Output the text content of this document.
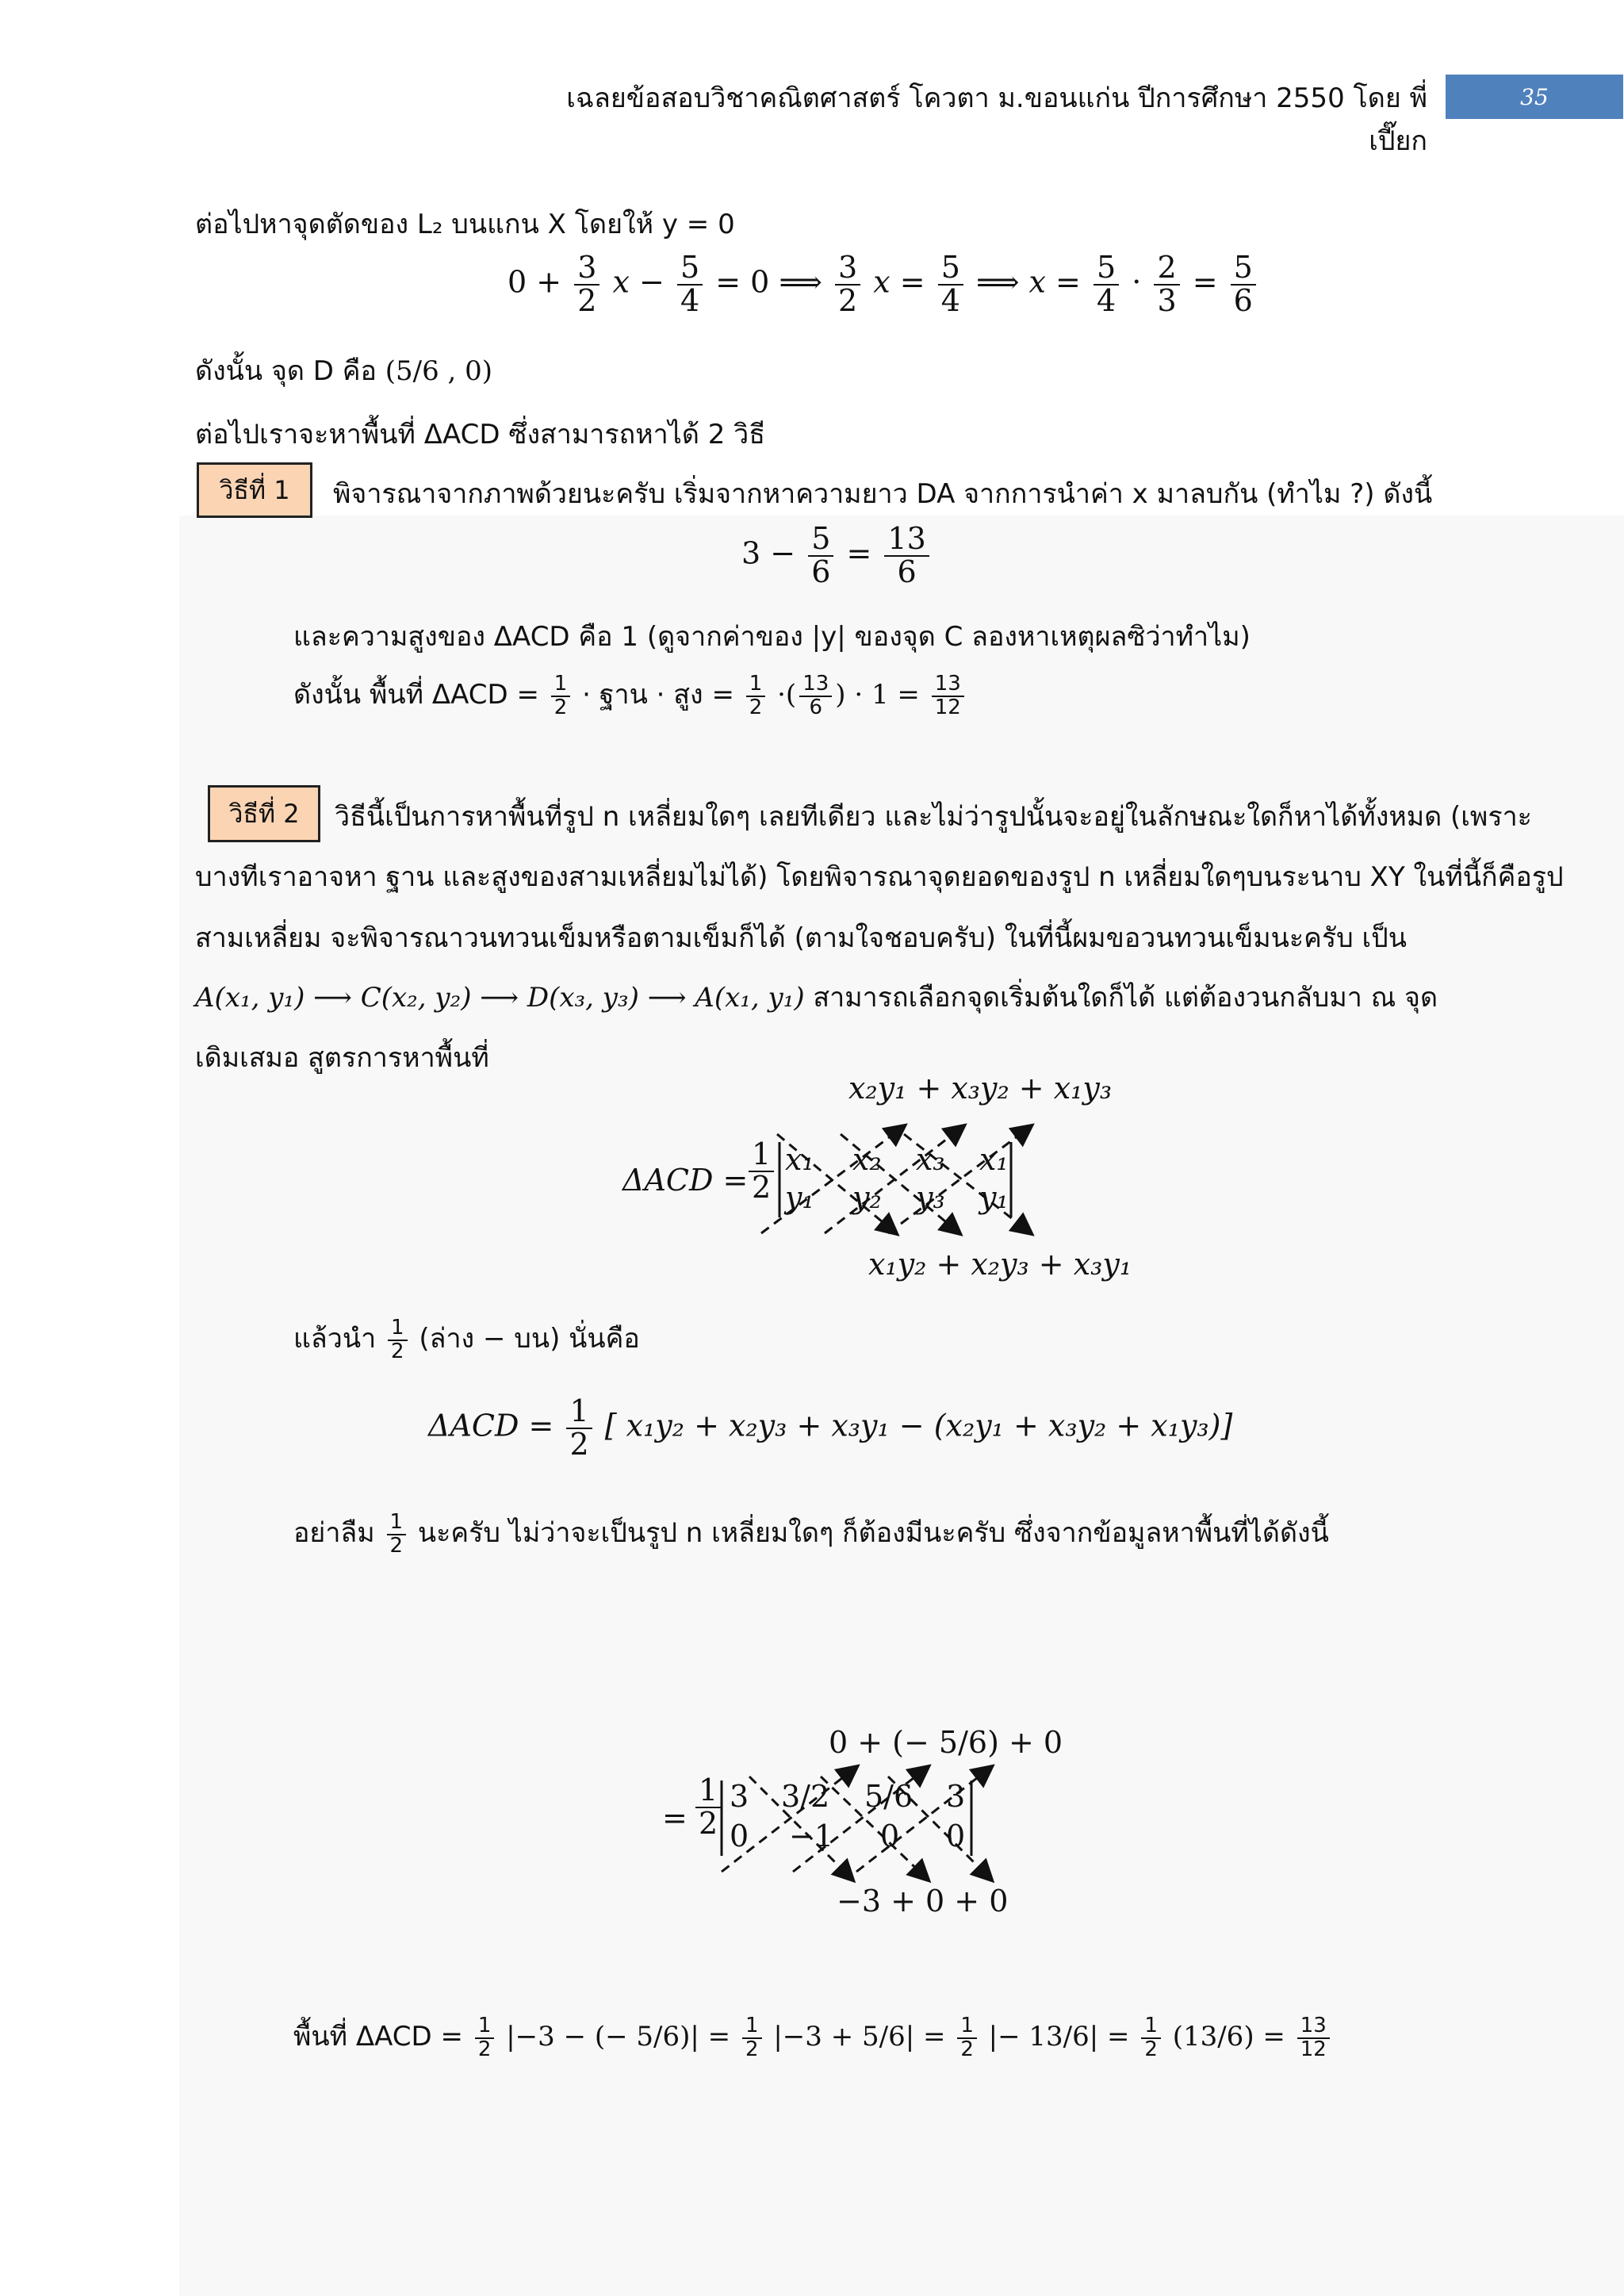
เฉลยข้อสอบวิชาคณิตศาสตร์ โควตา ม.ขอนแก่น ปีการศึกษา 2550 โดย พี่เปี๊ยก
35
ต่อไปหาจุดตัดของ L₂ บนแกน X โดยให้ y = 0
$0 + \frac{3}{2}$ $x - \frac{5}{4} = 0$ ⟹ $\frac{3}{2}$ $x = \frac{5}{4}$ ⟹ $x = \frac{5}{4} \cdot \frac{2}{3} = \frac{5}{6}$
ดังนั้น จุด D คือ (5/6 , 0)
ต่อไปเราจะหาพื้นที่ ΔACD ซึ่งสามารถหาได้ 2 วิธี
วิธีที่ 1	พิจารณาจากภาพด้วยนะครับ เริ่มจากหาความยาว DA จากการนำค่า x มาลบกัน (ทำไม ?) ดังนี้
$3 - \frac{5}{6} = \frac{13}{6}$
และความสูงของ ΔACD คือ 1 (ดูจากค่าของ |y| ของจุด C ลองหาเหตุผลซิว่าทำไม)
ดังนั้น พื้นที่ $\Delta ACD = \frac{1}{2}$ · ฐาน · สูง = $\frac{1}{2}$ ·( $\frac{13}{6}$ ) · $1 = \frac{13}{12}$
วิธีที่ 2	วิธีนี้เป็นการหาพื้นที่รูป n เหลี่ยมใดๆ เลยทีเดียว และไม่ว่ารูปนั้นจะอยู่ในลักษณะใดก็หาได้ทั้งหมด (เพราะ
บางทีเราอาจหา ฐาน และสูงของสามเหลี่ยมไม่ได้) โดยพิจารณาจุดยอดของรูป n เหลี่ยมใดๆบนระนาบ XY ในที่นี้ก็คือรูป
สามเหลี่ยม จะพิจารณาวนทวนเข็มหรือตามเข็มก็ได้ (ตามใจชอบครับ) ในที่นี้ผมขอวนทวนเข็มนะครับ เป็น
A(x₁, y₁) ⟶ C(x₂, y₂) ⟶ D(x₃, y₃) ⟶ A(x₁, y₁) สามารถเลือกจุดเริ่มต้นใดก็ได้ แต่ต้องวนกลับมา ณ จุด
เดิมเสมอ สูตรการหาพื้นที่
x₂y₁ + x₃y₂ + x₁y₃
$\Delta ACD = \frac{1}{2} x_1$ x₂ x₃ x₁
y₁ y₂ y₃ y₁
x₁y₂ + x₂y₃ + x₃y₁
แล้วนำ $\frac{1}{2}$ (ล่าง − บน) นั่นคือ
$\Delta ACD = \frac{1}{2}$ [ x₁y₂ + x₂y₃ + x₃y₁ − (x₂y₁ + x₃y₂ + x₁y₃)]
อย่าลืม $\frac{1}{2}$ นะครับ ไม่ว่าจะเป็นรูป n เหลี่ยมใดๆ ก็ต้องมีนะครับ ซึ่งจากข้อมูลหาพื้นที่ได้ดังนี้
0 + (− 5/6) + 0
= $\frac{1}{2} 3$ 3/2 5/6 3
0 −1 0 0
−3 + 0 + 0
พื้นที่ $\Delta ACD = \frac{1}{2} |-3$ − (− $5/6)| = \frac{1}{2} |-3 + 5/6| = \frac{1}{2}$ |− $13/6| = \frac{1}{2} (13/6) = \frac{13}{12}$
